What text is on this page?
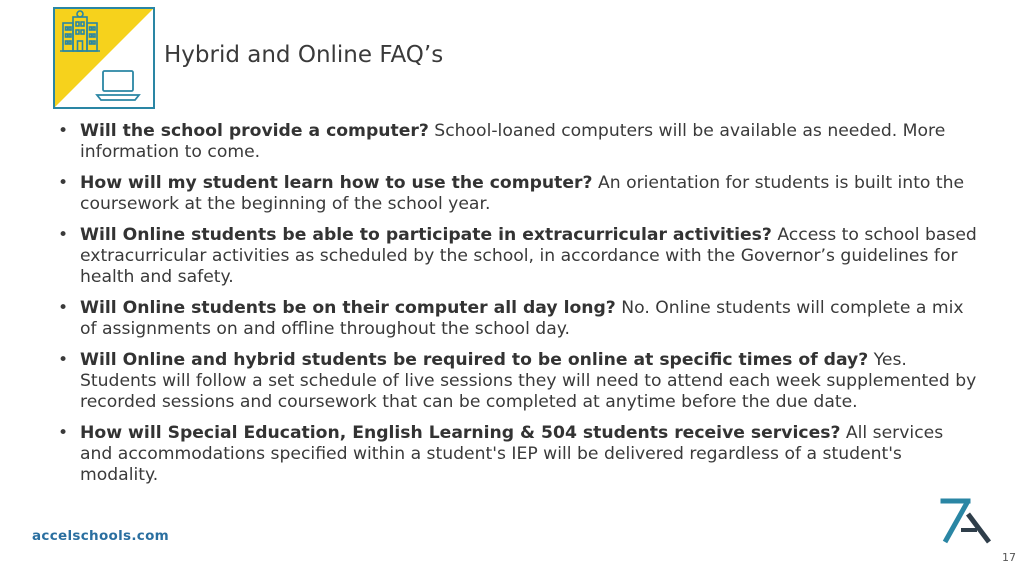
Hybrid and Online FAQ’s
• Will the school provide a computer? School-loaned computers will be available as needed. More information to come.
• How will my student learn how to use the computer? An orientation for students is built into the coursework at the beginning of the school year.
• Will Online students be able to participate in extracurricular activities? Access to school based extracurricular activities as scheduled by the school, in accordance with the Governor’s guidelines for health and safety.
• Will Online students be on their computer all day long? No. Online students will complete a mix of assignments on and offline throughout the school day.
• Will Online and hybrid students be required to be online at specific times of day? Yes. Students will follow a set schedule of live sessions they will need to attend each week supplemented by recorded sessions and coursework that can be completed at anytime before the due date.
• How will Special Education, English Learning & 504 students receive services? All services and accommodations specified within a student's IEP will be delivered regardless of a student's modality.
accelschools.com
17
